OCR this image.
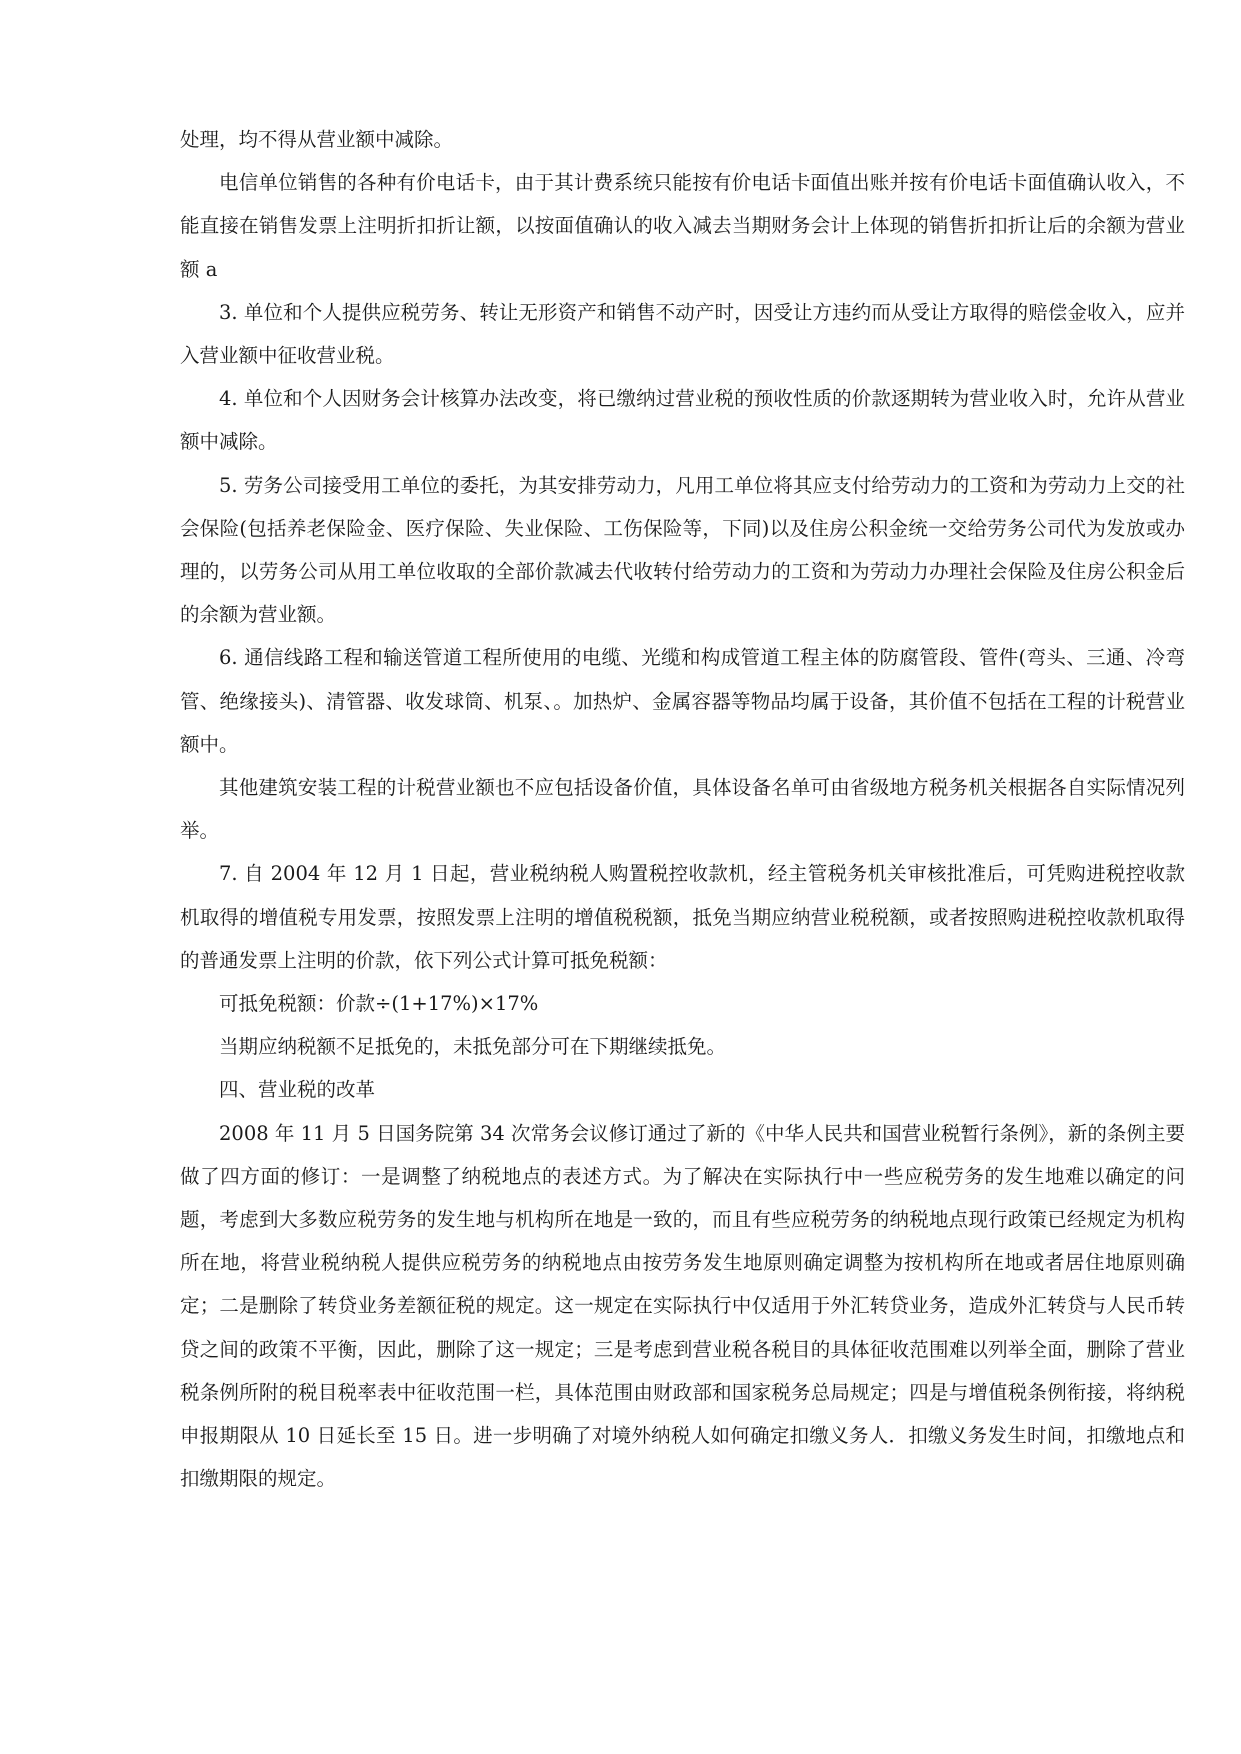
处理，均不得从营业额中减除。

电信单位销售的各种有价电话卡，由于其计费系统只能按有价电话卡面值出账并按有价电话卡面值确认收入，不能直接在销售发票上注明折扣折让额，以按面值确认的收入减去当期财务会计上体现的销售折扣折让后的余额为营业额 a

3. 单位和个人提供应税劳务、转让无形资产和销售不动产时，因受让方违约而从受让方取得的赔偿金收入，应并入营业额中征收营业税。

4. 单位和个人因财务会计核算办法改变，将已缴纳过营业税的预收性质的价款逐期转为营业收入时，允许从营业额中减除。

5. 劳务公司接受用工单位的委托，为其安排劳动力，凡用工单位将其应支付给劳动力的工资和为劳动力上交的社会保险(包括养老保险金、医疗保险、失业保险、工伤保险等，下同)以及住房公积金统一交给劳务公司代为发放或办理的，以劳务公司从用工单位收取的全部价款减去代收转付给劳动力的工资和为劳动力办理社会保险及住房公积金后的余额为营业额。

6. 通信线路工程和输送管道工程所使用的电缆、光缆和构成管道工程主体的防腐管段、管件(弯头、三通、冷弯管、绝缘接头)、清管器、收发球筒、机泵、。加热炉、金属容器等物品均属于设备，其价值不包括在工程的计税营业额中。

其他建筑安装工程的计税营业额也不应包括设备价值，具体设备名单可由省级地方税务机关根据各自实际情况列举。

7. 自 2004 年 12 月 1 日起，营业税纳税人购置税控收款机，经主管税务机关审核批准后，可凭购进税控收款机取得的增值税专用发票，按照发票上注明的增值税税额，抵免当期应纳营业税税额，或者按照购进税控收款机取得的普通发票上注明的价款，依下列公式计算可抵免税额：

可抵免税额：价款÷(1+17%)×17%

当期应纳税额不足抵免的，未抵免部分可在下期继续抵免。

四、营业税的改革

2008 年 11 月 5 日国务院第 34 次常务会议修订通过了新的《中华人民共和国营业税暂行条例》，新的条例主要做了四方面的修订：一是调整了纳税地点的表述方式。为了解决在实际执行中一些应税劳务的发生地难以确定的问题，考虑到大多数应税劳务的发生地与机构所在地是一致的，而且有些应税劳务的纳税地点现行政策已经规定为机构所在地，将营业税纳税人提供应税劳务的纳税地点由按劳务发生地原则确定调整为按机构所在地或者居住地原则确定；二是删除了转贷业务差额征税的规定。这一规定在实际执行中仅适用于外汇转贷业务，造成外汇转贷与人民币转贷之间的政策不平衡，因此，删除了这一规定；三是考虑到营业税各税目的具体征收范围难以列举全面，删除了营业税条例所附的税目税率表中征收范围一栏，具体范围由财政部和国家税务总局规定；四是与增值税条例衔接，将纳税申报期限从 10 日延长至 15 日。进一步明确了对境外纳税人如何确定扣缴义务人．扣缴义务发生时间，扣缴地点和扣缴期限的规定。
